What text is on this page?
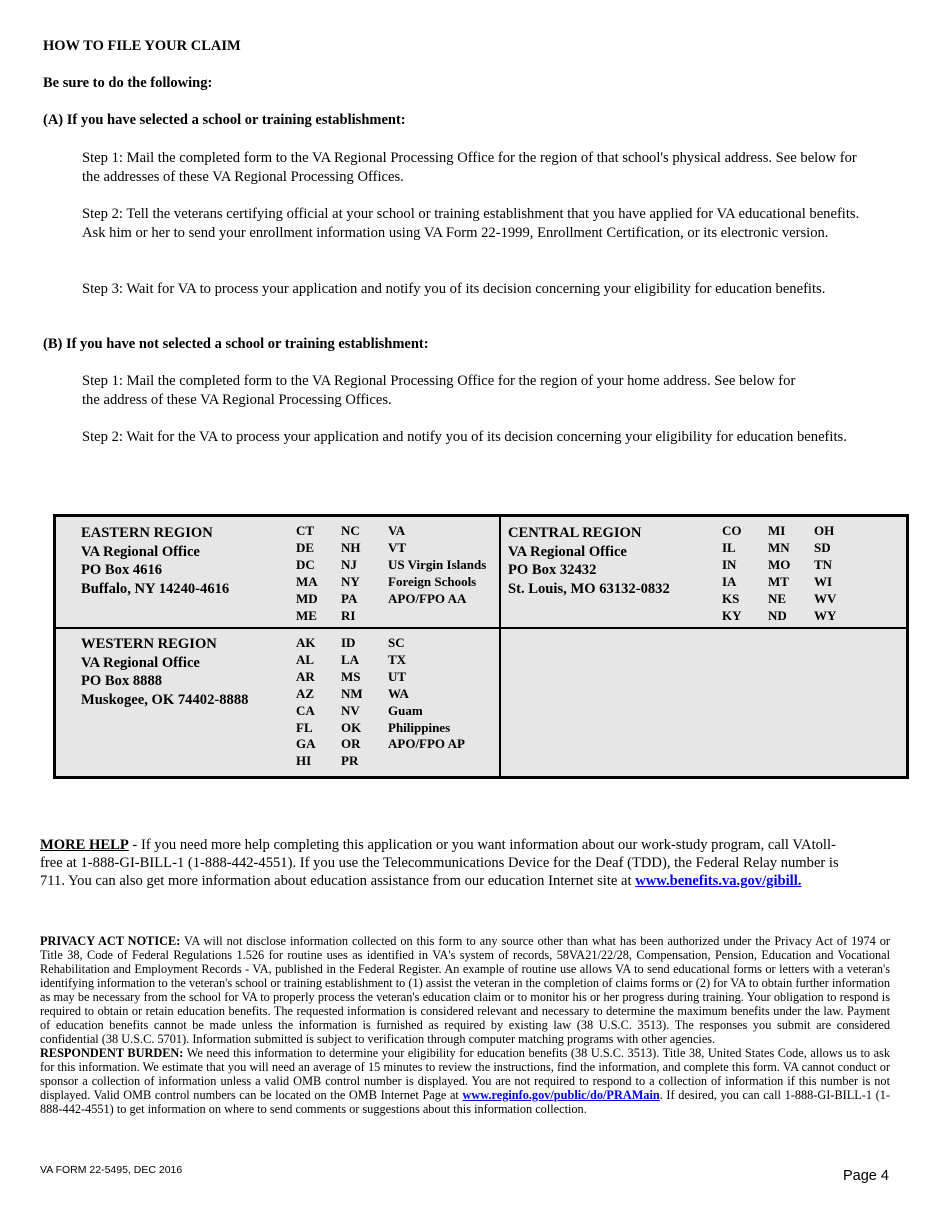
HOW TO FILE YOUR CLAIM
Be sure to do the following:
(A) If you have selected a school or training establishment:
Step 1: Mail the completed form to the VA Regional Processing Office for the region of that school's physical address. See below for the addresses of these VA Regional Processing Offices.
Step 2: Tell the veterans certifying official at your school or training establishment that you have applied for VA educational benefits. Ask him or her to send your enrollment information using VA Form 22-1999, Enrollment Certification, or its electronic version.
Step 3: Wait for VA to process your application and notify you of its decision concerning your eligibility for education benefits.
(B) If you have not selected a school or training establishment:
Step 1: Mail the completed form to the VA Regional Processing Office for the region of your home address. See below for the address of these VA Regional Processing Offices.
Step 2: Wait for the VA to process your application and notify you of its decision concerning your eligibility for education benefits.
EASTERN REGION
VA Regional Office
PO Box 4616
Buffalo, NY 14240-4616
CT
DE
DC
MA
MD
ME
NC
NH
NJ
NY
PA
RI
VA
VT
US Virgin Islands
Foreign Schools
APO/FPO AA
CENTRAL REGION
VA Regional Office
PO Box 32432
St. Louis, MO 63132-0832
CO
IL
IN
IA
KS
KY
MI
MN
MO
MT
NE
ND
OH
SD
TN
WI
WV
WY
WESTERN REGION
VA Regional Office
PO Box 8888
Muskogee, OK 74402-8888
AK
AL
AR
AZ
CA
FL
GA
HI
ID
LA
MS
NM
NV
OK
OR
PR
SC
TX
UT
WA
Guam
Philippines
APO/FPO AP
MORE HELP - If you need more help completing this application or you want information about our work-study program, call VAtoll-free at 1-888-GI-BILL-1 (1-888-442-4551). If you use the Telecommunications Device for the Deaf (TDD), the Federal Relay number is 711. You can also get more information about education assistance from our education Internet site at www.benefits.va.gov/gibill.
PRIVACY ACT NOTICE: VA will not disclose information collected on this form to any source other than what has been authorized under the Privacy Act of 1974 or Title 38, Code of Federal Regulations 1.526 for routine uses as identified in VA's system of records, 58VA21/22/28, Compensation, Pension, Education and Vocational Rehabilitation and Employment Records - VA, published in the Federal Register. An example of routine use allows VA to send educational forms or letters with a veteran's identifying information to the veteran's school or training establishment to (1) assist the veteran in the completion of claims forms or (2) for VA to obtain further information as may be necessary from the school for VA to properly process the veteran's education claim or to monitor his or her progress during training. Your obligation to respond is required to obtain or retain education benefits. The requested information is considered relevant and necessary to determine the maximum benefits under the law. Payment of education benefits cannot be made unless the information is furnished as required by existing law (38 U.S.C. 3513). The responses you submit are considered confidential (38 U.S.C. 5701). Information submitted is subject to verification through computer matching programs with other agencies.
RESPONDENT BURDEN: We need this information to determine your eligibility for education benefits (38 U.S.C. 3513). Title 38, United States Code, allows us to ask for this information. We estimate that you will need an average of 15 minutes to review the instructions, find the information, and complete this form. VA cannot conduct or sponsor a collection of information unless a valid OMB control number is displayed. You are not required to respond to a collection of information if this number is not displayed. Valid OMB control numbers can be located on the OMB Internet Page at www.reginfo.gov/public/do/PRAMain. If desired, you can call 1-888-GI-BILL-1 (1-888-442-4551) to get information on where to send comments or suggestions about this information collection.
VA FORM 22-5495, DEC 2016	Page 4
